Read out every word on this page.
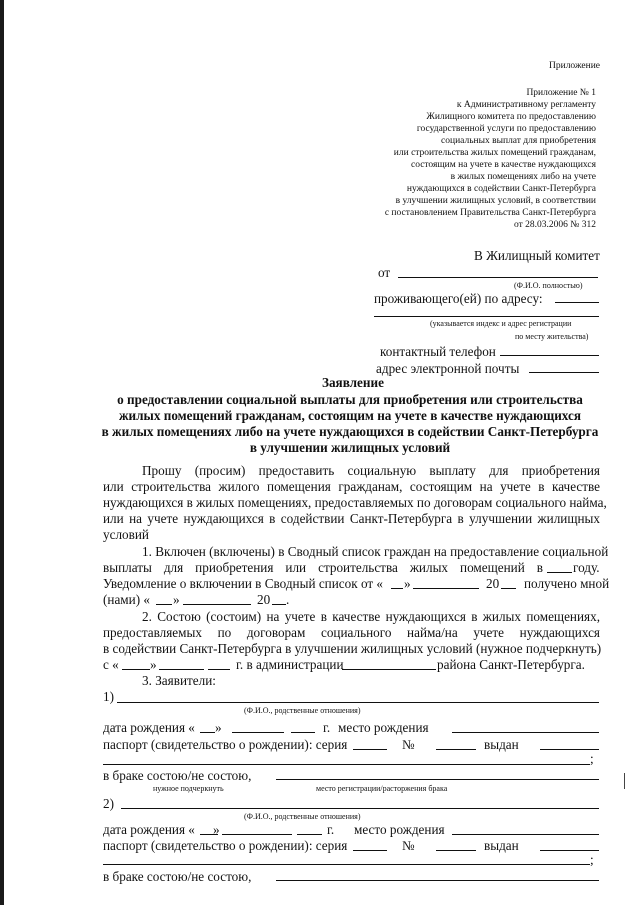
Приложение
Приложение № 1
к Административному регламенту
Жилищного комитета по предоставлению
государственной услуги по предоставлению
социальных выплат для приобретения
или строительства жилых помещений гражданам,
состоящим на учете в качестве нуждающихся
в жилых помещениях либо на учете
нуждающихся в содействии Санкт-Петербурга
в улучшении жилищных условий, в соответствии
с постановлением Правительства Санкт-Петербурга
от 28.03.2006 № 312
В Жилищный комитет
от
(Ф.И.О. полностью)
проживающего(ей) по адресу:
(указывается индекс и адрес регистрации
по месту жительства)
контактный телефон
адрес электронной почты
Заявление
о предоставлении социальной выплаты для приобретения или строительства
жилых помещений гражданам, состоящим на учете в качестве нуждающихся
в жилых помещениях либо на учете нуждающихся в содействии Санкт-Петербурга
в улучшении жилищных условий
Прошу (просим) предоставить социальную выплату для приобретения
или строительства жилого помещения гражданам, состоящим на учете в качестве
нуждающихся в жилых помещениях, предоставляемых по договорам социального найма,
или на учете нуждающихся в содействии Санкт-Петербурга в улучшении жилищных
условий
1. Включен (включены) в Сводный список граждан на предоставление социальной
выплаты для приобретения или строительства жилых помещений в году.
Уведомление о включении в Сводный список от « »	20 получено мной
(нами) « »	20 .
2. Состою (состоим) на учете в качестве нуждающихся в жилых помещениях,
предоставляемых по договорам социального найма/на учете нуждающихся
в содействии Санкт-Петербурга в улучшении жилищных условий (нужное подчеркнуть)
с « »	г. в администрации	района Санкт-Петербурга.
3. Заявители:
1)
(Ф.И.О., родственные отношения)
дата рождения « »	г. место рождения
паспорт (свидетельство о рождении): серия	№	выдан
;
в браке состою/не состою,
нужное подчеркнуть	место регистрации/расторжения брака
2)
(Ф.И.О., родственные отношения)
дата рождения « »	г. место рождения
паспорт (свидетельство о рождении): серия	№	выдан
;
в браке состою/не состою,
